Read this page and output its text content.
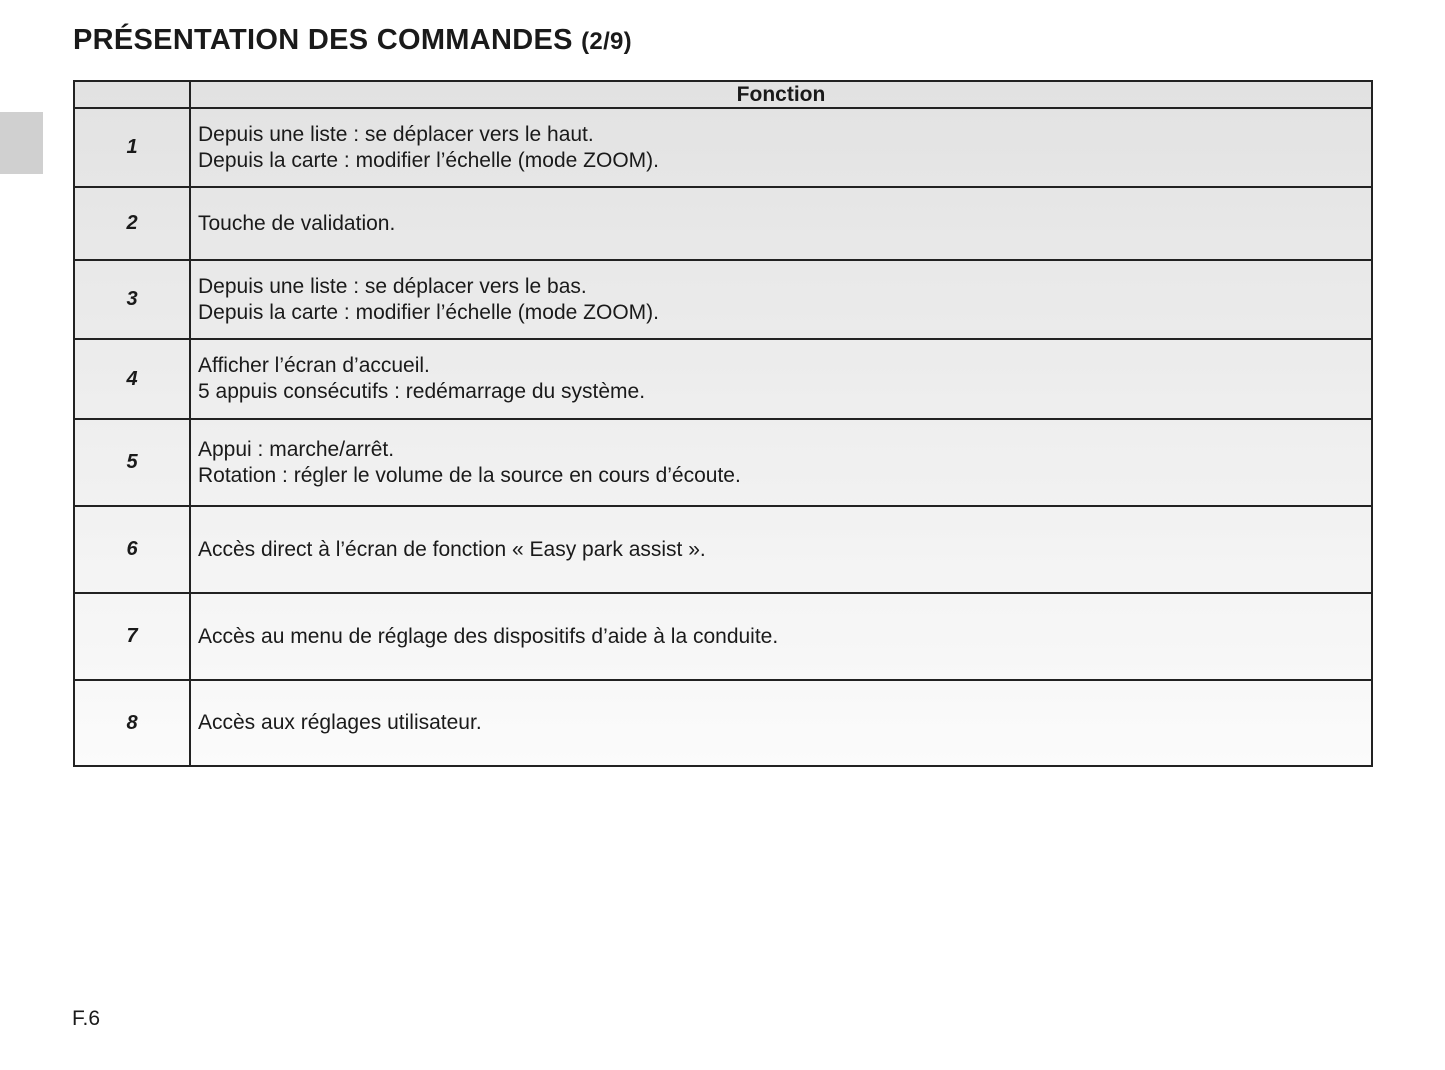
PRÉSENTATION DES COMMANDES (2/9)
	Fonction
1	Depuis une liste : se déplacer vers le haut.
Depuis la carte : modifier l’échelle (mode ZOOM).

2	Touche de validation.

3	Depuis une liste : se déplacer vers le bas.
Depuis la carte : modifier l’échelle (mode ZOOM).

4	Afficher l’écran d’accueil.
5 appuis consécutifs : redémarrage du système.

5	Appui : marche/arrêt.
Rotation : régler le volume de la source en cours d’écoute.

6	Accès direct à l’écran de fonction « Easy park assist ».

7	Accès au menu de réglage des dispositifs d’aide à la conduite.

8	Accès aux réglages utilisateur.
F.6
